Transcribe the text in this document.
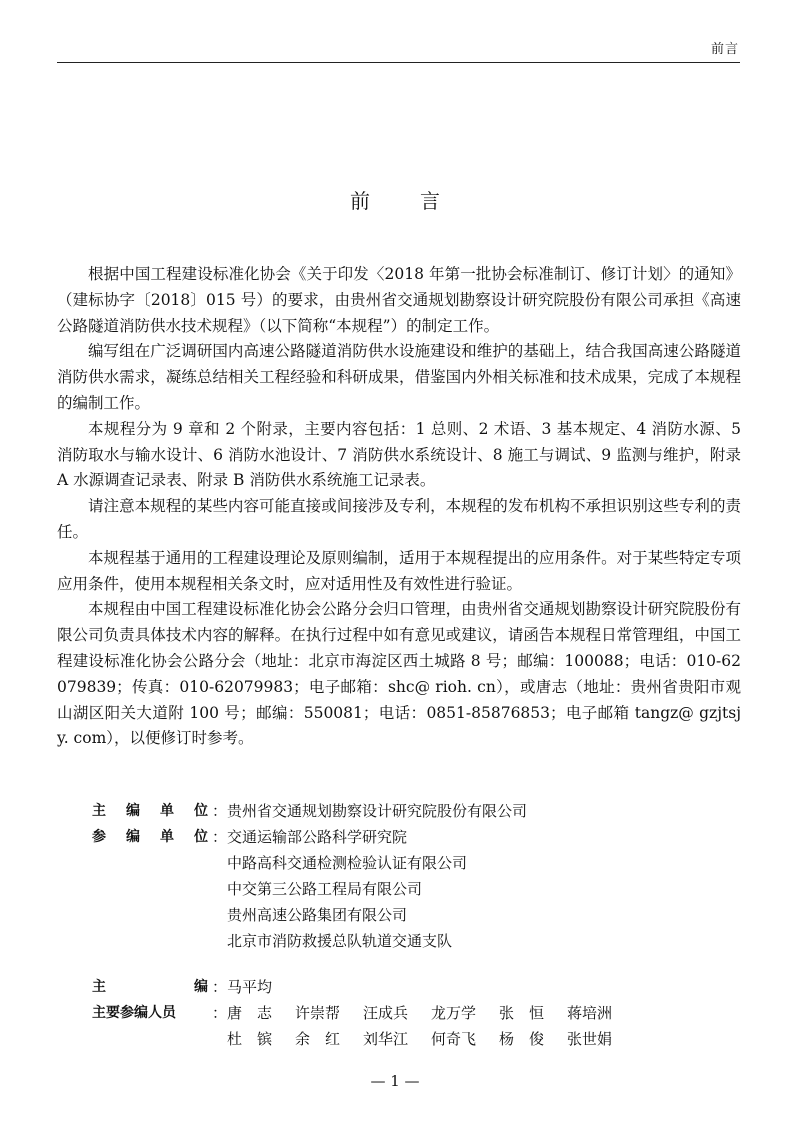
前言
前	言

根据中国工程建设标准化协会《关于印发〈2018 年第一批协会标准制订、修订计划〉的通知》（建标协字〔2018〕015 号）的要求，由贵州省交通规划勘察设计研究院股份有限公司承担《高速公路隧道消防供水技术规程》（以下简称“本规程”）的制定工作。

编写组在广泛调研国内高速公路隧道消防供水设施建设和维护的基础上，结合我国高速公路隧道消防供水需求，凝练总结相关工程经验和科研成果，借鉴国内外相关标准和技术成果，完成了本规程的编制工作。

本规程分为 9 章和 2 个附录，主要内容包括：1 总则、2 术语、3 基本规定、4 消防水源、5 消防取水与输水设计、6 消防水池设计、7 消防供水系统设计、8 施工与调试、9 监测与维护，附录 A 水源调查记录表、附录 B 消防供水系统施工记录表。

请注意本规程的某些内容可能直接或间接涉及专利，本规程的发布机构不承担识别这些专利的责任。

本规程基于通用的工程建设理论及原则编制，适用于本规程提出的应用条件。对于某些特定专项应用条件，使用本规程相关条文时，应对适用性及有效性进行验证。

本规程由中国工程建设标准化协会公路分会归口管理，由贵州省交通规划勘察设计研究院股份有限公司负责具体技术内容的解释。在执行过程中如有意见或建议，请函告本规程日常管理组，中国工程建设标准化协会公路分会（地址：北京市海淀区西土城路 8 号；邮编：100088；电话：010-62079839；传真：010-62079983；电子邮箱：shc@ rioh. cn），或唐志（地址：贵州省贵阳市观山湖区阳关大道附 100 号；邮编：550081；电话：0851-85876853；电子邮箱 tangz@ gzjtsjy. com），以便修订时参考。

主 编 单 位 ：贵州省交通规划勘察设计研究院股份有限公司
参 编 单 位 ：交通运输部公路科学研究院
中路高科交通检测检验认证有限公司
中交第三公路工程局有限公司
贵州高速公路集团有限公司
北京市消防救援总队轨道交通支队
主	编 ：马平均
主要参编人员	： 唐　志	许崇帮	汪成兵	龙万学	张　恒	蒋培洲
杜　镔	余　红	刘华江	何奇飞	杨　俊	张世娟
— 1 —
